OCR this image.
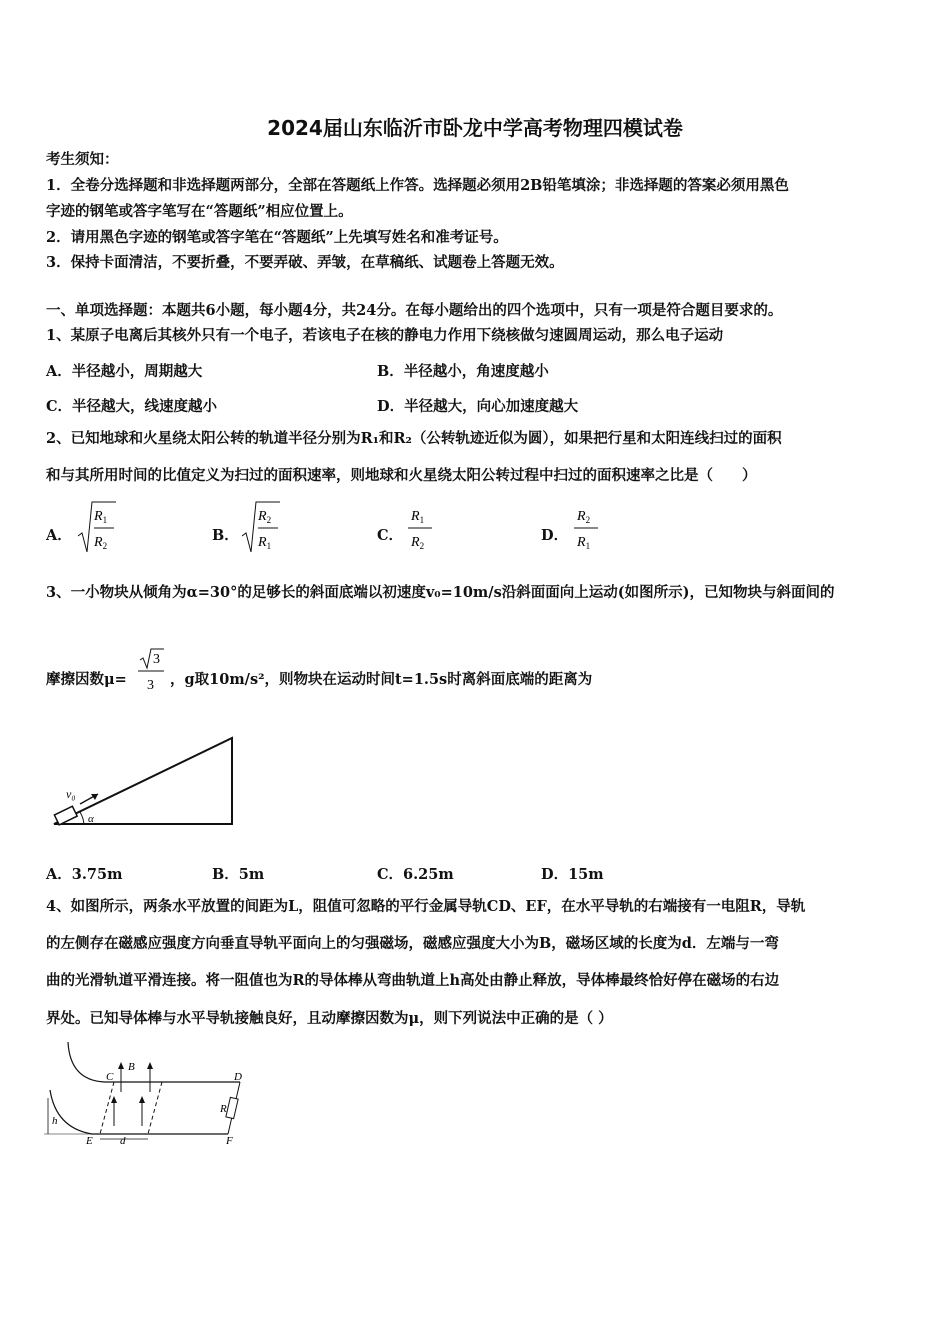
2024届山东临沂市卧龙中学高考物理四模试卷
考生须知：
1．全卷分选择题和非选择题两部分，全部在答题纸上作答。选择题必须用2B铅笔填涂；非选择题的答案必须用黑色
字迹的钢笔或答字笔写在“答题纸”相应位置上。
2．请用黑色字迹的钢笔或答字笔在“答题纸”上先填写姓名和准考证号。
3．保持卡面清洁，不要折叠，不要弄破、弄皱，在草稿纸、试题卷上答题无效。
一、单项选择题：本题共6小题，每小题4分，共24分。在每小题给出的四个选项中，只有一项是符合题目要求的。
1、某原子电离后其核外只有一个电子，若该电子在核的静电力作用下绕核做匀速圆周运动，那么电子运动
A．半径越小，周期越大	B．半径越小，角速度越小
C．半径越大，线速度越小	D．半径越大，向心加速度越大
2、已知地球和火星绕太阳公转的轨道半径分别为R₁和R₂（公转轨迹近似为圆），如果把行星和太阳连线扫过的面积
和与其所用时间的比值定义为扫过的面积速率，则地球和火星绕太阳公转过程中扫过的面积速率之比是（　　）
A．
$R_1$
$R_2$
B．
$R_2$
$R_1$
C．
$R_1$
$R_2$
D．
$R_2$
$R_1$
3、一小物块从倾角为α=30°的足够长的斜面底端以初速度v₀=10m/s沿斜面面向上运动(如图所示)，已知物块与斜面间的
摩擦因数μ=
3
3 ，g取10m/s²，则物块在运动时间t=1.5s时离斜面底端的距离为
v₀
α
A．3.75m	B．5m	C．6.25m	D．15m
4、如图所示，两条水平放置的间距为L，阻值可忽略的平行金属导轨CD、EF，在水平导轨的右端接有一电阻R，导轨
的左侧存在磁感应强度方向垂直导轨平面向上的匀强磁场，磁感应强度大小为B，磁场区域的长度为d．左端与一弯
曲的光滑轨道平滑连接。将一阻值也为R的导体棒从弯曲轨道上h高处由静止释放，导体棒最终恰好停在磁场的右边
界处。已知导体棒与水平导轨接触良好，且动摩擦因数为μ，则下列说法中正确的是（ ）
C	D
E	F
B
R
h
d
